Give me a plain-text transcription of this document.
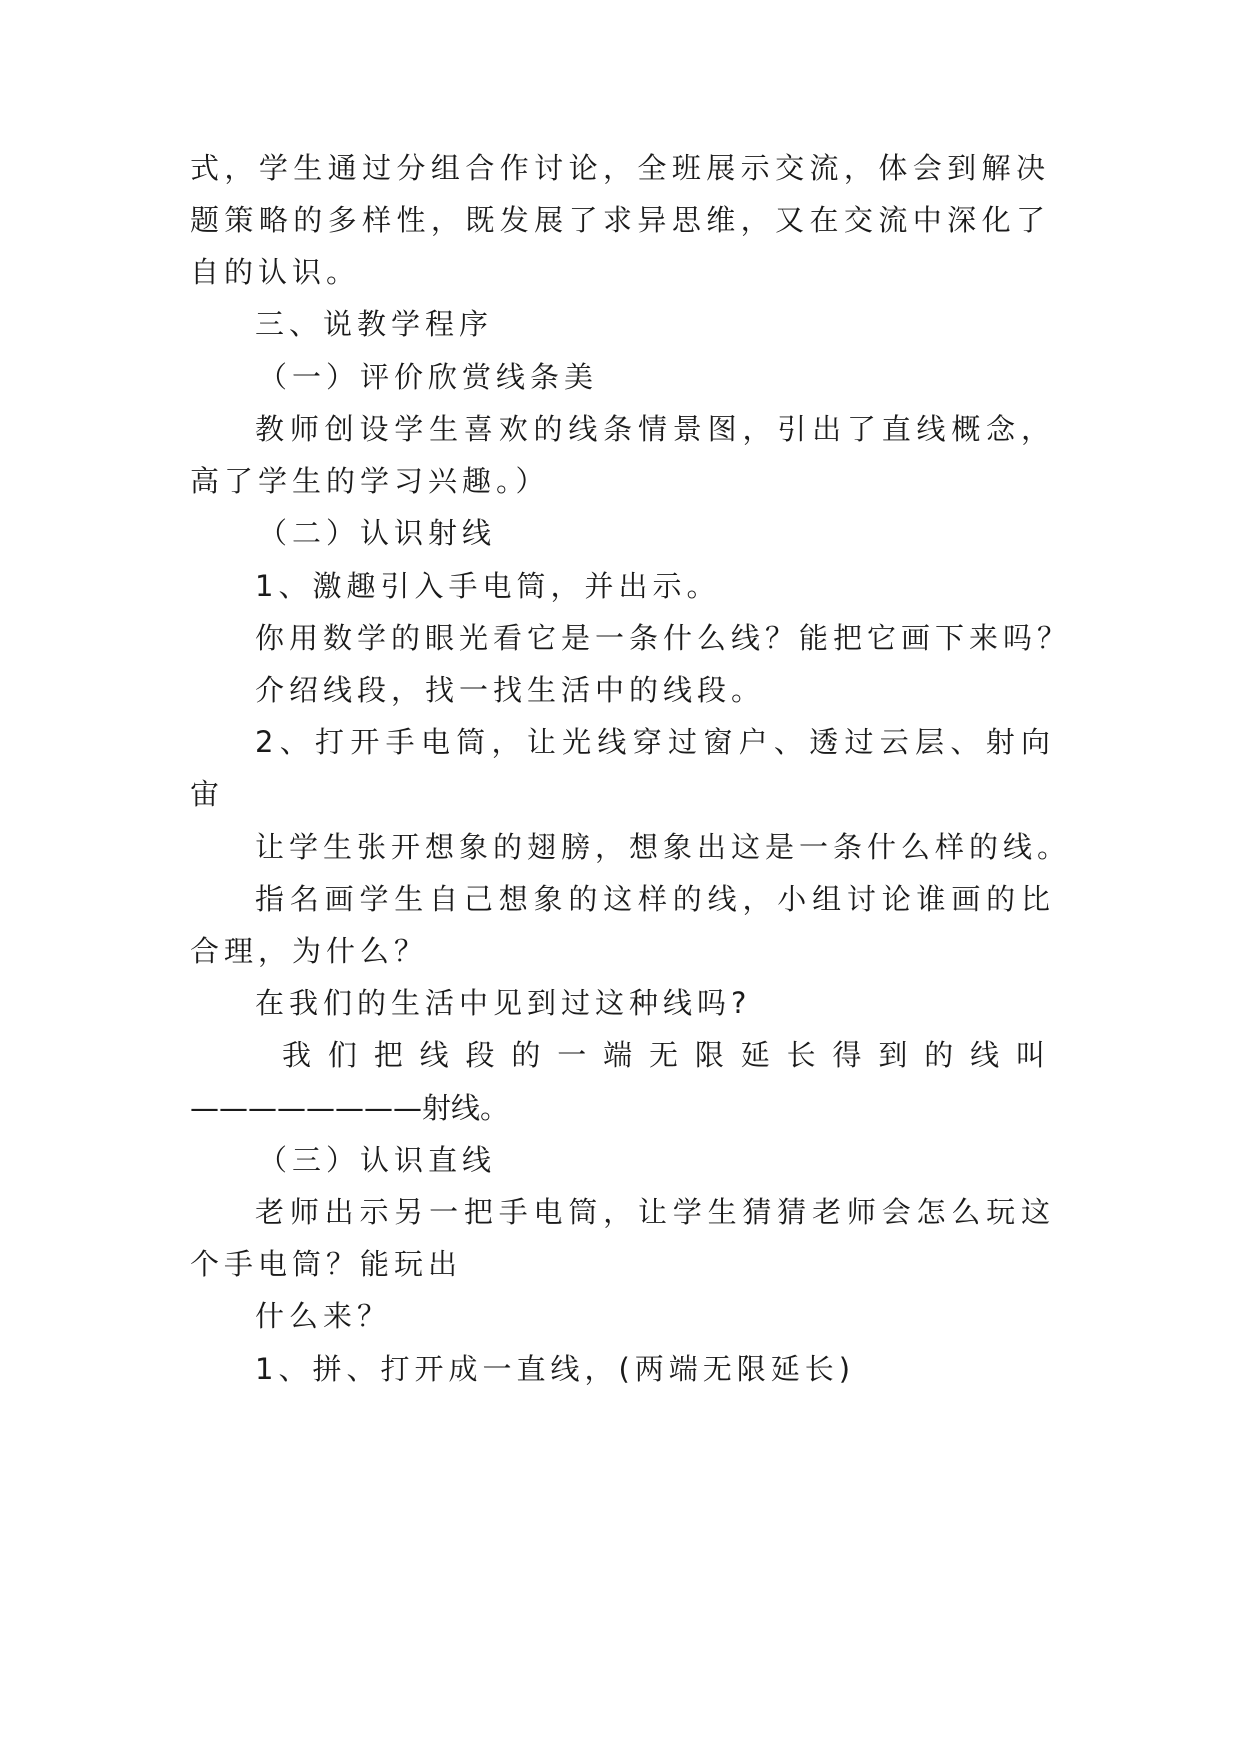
式，学生通过分组合作讨论，全班展示交流，体会到解决
题策略的多样性，既发展了求异思维，又在交流中深化了
自的认识。
三、说教学程序
（一）评价欣赏线条美
教师创设学生喜欢的线条情景图，引出了直线概念，
高了学生的学习兴趣。）
（二）认识射线
1、激趣引入手电筒，并出示。
你用数学的眼光看它是一条什么线？能把它画下来吗？
介绍线段，找一找生活中的线段。
2、打开手电筒，让光线穿过窗户、透过云层、射向
宙
让学生张开想象的翅膀，想象出这是一条什么样的线。
指名画学生自己想象的这样的线，小组讨论谁画的比
合理，为什么？
在我们的生活中见到过这种线吗?
我们把线段的一端无限延长得到的线叫
————————射线。
（三）认识直线
老师出示另一把手电筒，让学生猜猜老师会怎么玩这
个手电筒？能玩出
什么来？
1、拼、打开成一直线，(两端无限延长)
